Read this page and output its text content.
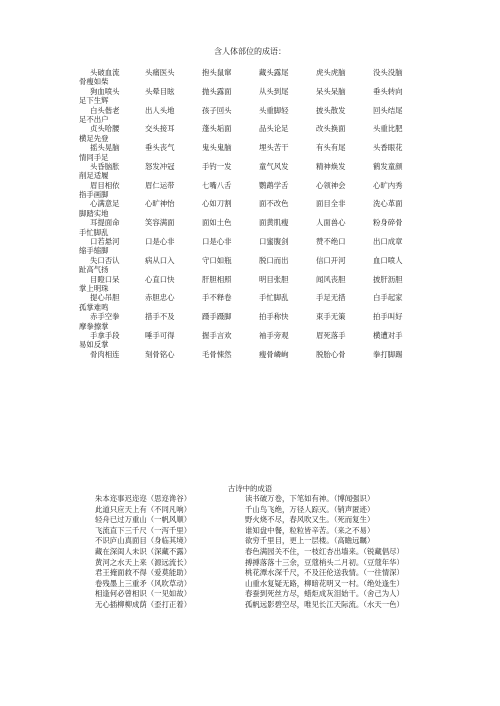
含人体部位的成语：
头破血流	头痛医头	抱头鼠窜	藏头露尾	虎头虎脑	没头没脑
骨瘦如柴
狗血喷头	头晕目眩	抛头露面	从头到尾	呆头呆脑	垂头转向
足下生辉
白头偕老	出人头地	孩子回头	头重脚轻	披头散发	回头结尾
足不出户
贞头哈腰	交头接耳	蓬头垢面	品头论足	改头换面	头重比肥
横足先登
摇头晃脑	垂头丧气	鬼头鬼脑	埋头苦干	有头有尾	头香眼花
情同手足
头昏脑胀	怒发冲冠	手钓一发	童气风发	精神焕发	鹤发童颜
削足适履
眉目相依	眉仁运带	七嘴八舌	鹦鹉学舌	心领神会	心旷内秀
指手画脚
心满意足	心旷神怡	心如刀割	面不改色	面目全非	洗心革面
脚踏实地
耳提面命	笑容满面	面如土色	面黄肌瘦	人面兽心	粉身碎骨
手忙脚乱
口若悬河	口是心非	口是心非	口蜜腹剑	赞不绝口	出口成章
缩手缩脚
失口否认	病从口入	守口如瓶	脱口而出	信口开河	血口喷人
趾高气扬
目瞪口呆	心直口快	肝胆相照	明目张胆	闻风丧胆	披肝沥胆
掌上明珠
提心吊胆	赤胆忠心	手不释卷	手忙脚乱	手足无措	白手起家
孤掌难鸣
赤手空拳	措手不及	蹑手蹑脚	拍手称快	束手无策	拍手叫好
摩拳擦掌
手拿手段	唾手可得	握手言欢	袖手旁观	眉死落手	横遭对手
易如反掌
骨肉相连	刻骨铭心	毛骨悚然	瘦骨嶙峋	脱胎心骨	拳打脚踢
古诗中的成语
朱本迩事迟迩迩（思迩谗谷）	读书破万卷，下笔如有神。（博闻强识）
此道只应天上有（不同凡响）	千山鸟飞绝，万径人踪灭。（销声匿迹）
轻舟已过万重山（一帆风顺）	野火烧不尽，春风吹又生。（死而复生）
飞流直下三千尺（一泻千里）	谁知盘中餐，粒粒皆辛苦。（来之不易）
不识庐山真面目（身临其境）	欲穷千里目，更上一层楼。（高瞻远瞩）
藏在深闺人未识（深藏不露）	春色满园关不住，一枝红杏出墙来。（锐藏倡尽）
黄河之水天上来（源远流长）	搏搏落落十三余，豆蔻梢头二月初。（豆蔻年华）
君王掩面救不得（爱莫能助）	桃花潭水深千尺，不及汪伦送我情。（一往情深）
卷残墨上三重矛（风吹草动）	山重水复疑无路，柳暗花明又一村。（绝处逢生）
相逢何必曾相识（一见如故）	春蚕到死丝方尽，蜡炬成灰泪始干。（舍己为人）
无心插柳柳成荫（歪打正着）	孤帆远影碧空尽，唯见长江天际流。（水天一色）
